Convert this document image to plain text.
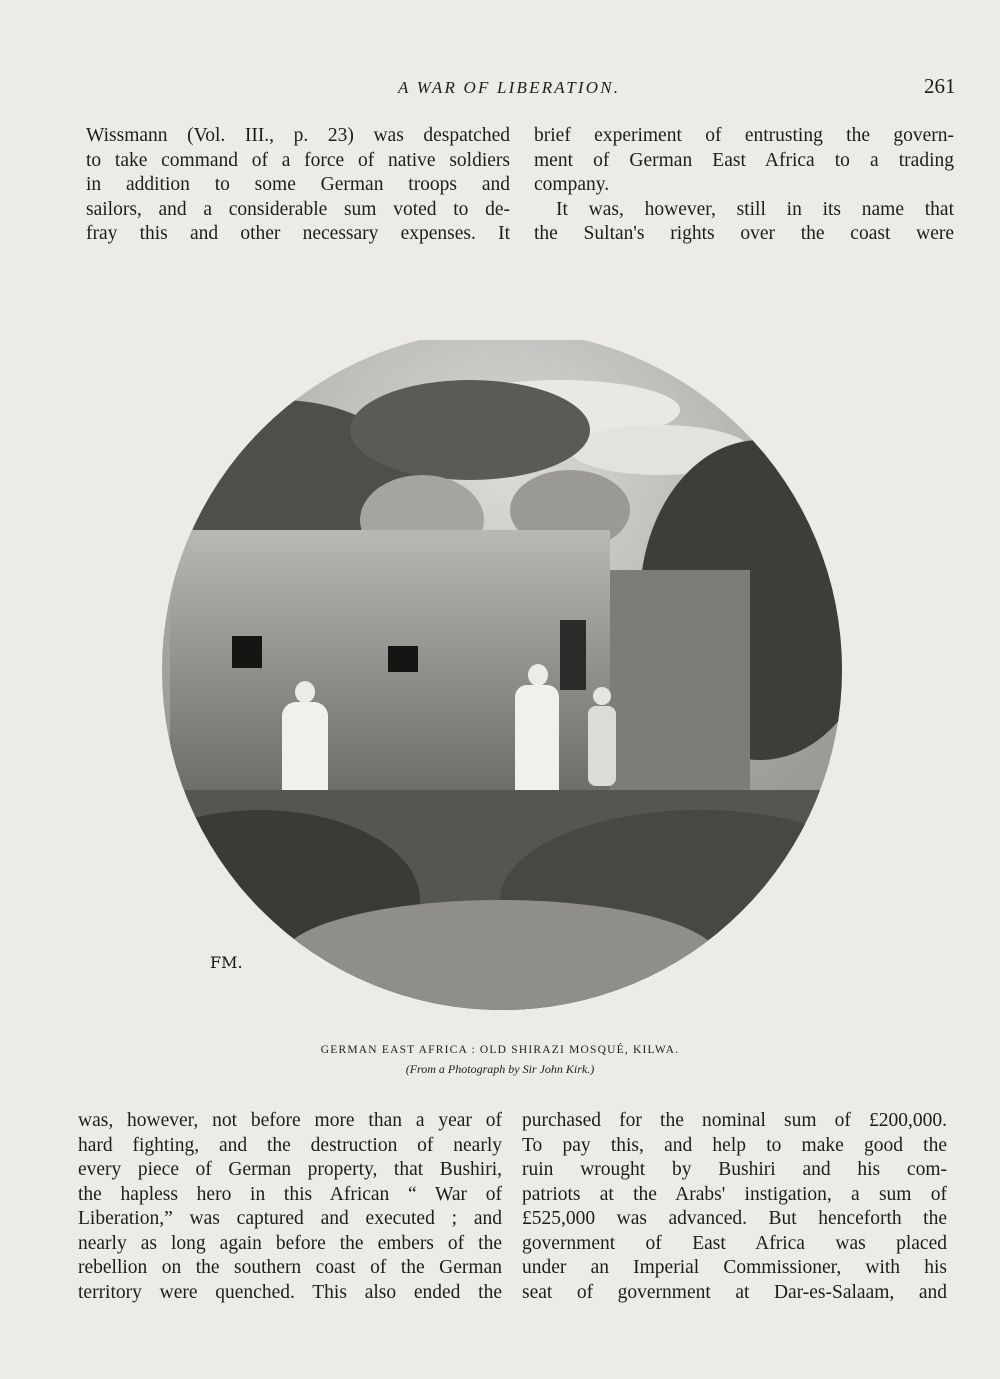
A WAR OF LIBERATION.	261
Wissmann (Vol. III., p. 23) was despatched
to take command of a force of native soldiers
in addition to some German troops and
sailors, and a considerable sum voted to de-
fray this and other necessary expenses. It
brief experiment of entrusting the govern-
ment of German East Africa to a trading
company.
It was, however, still in its name that
the Sultan's rights over the coast were
FM.
GERMAN EAST AFRICA : OLD SHIRAZI MOSQUÉ, KILWA.
(From a Photograph by Sir John Kirk.)
was, however, not before more than a year of
hard fighting, and the destruction of nearly
every piece of German property, that Bushiri,
the hapless hero in this African “ War of
Liberation,” was captured and executed ; and
nearly as long again before the embers of the
rebellion on the southern coast of the German
territory were quenched. This also ended the
purchased for the nominal sum of £200,000.
To pay this, and help to make good the
ruin wrought by Bushiri and his com-
patriots at the Arabs' instigation, a sum of
£525,000 was advanced. But henceforth the
government of East Africa was placed
under an Imperial Commissioner, with his
seat of government at Dar-es-Salaam, and
